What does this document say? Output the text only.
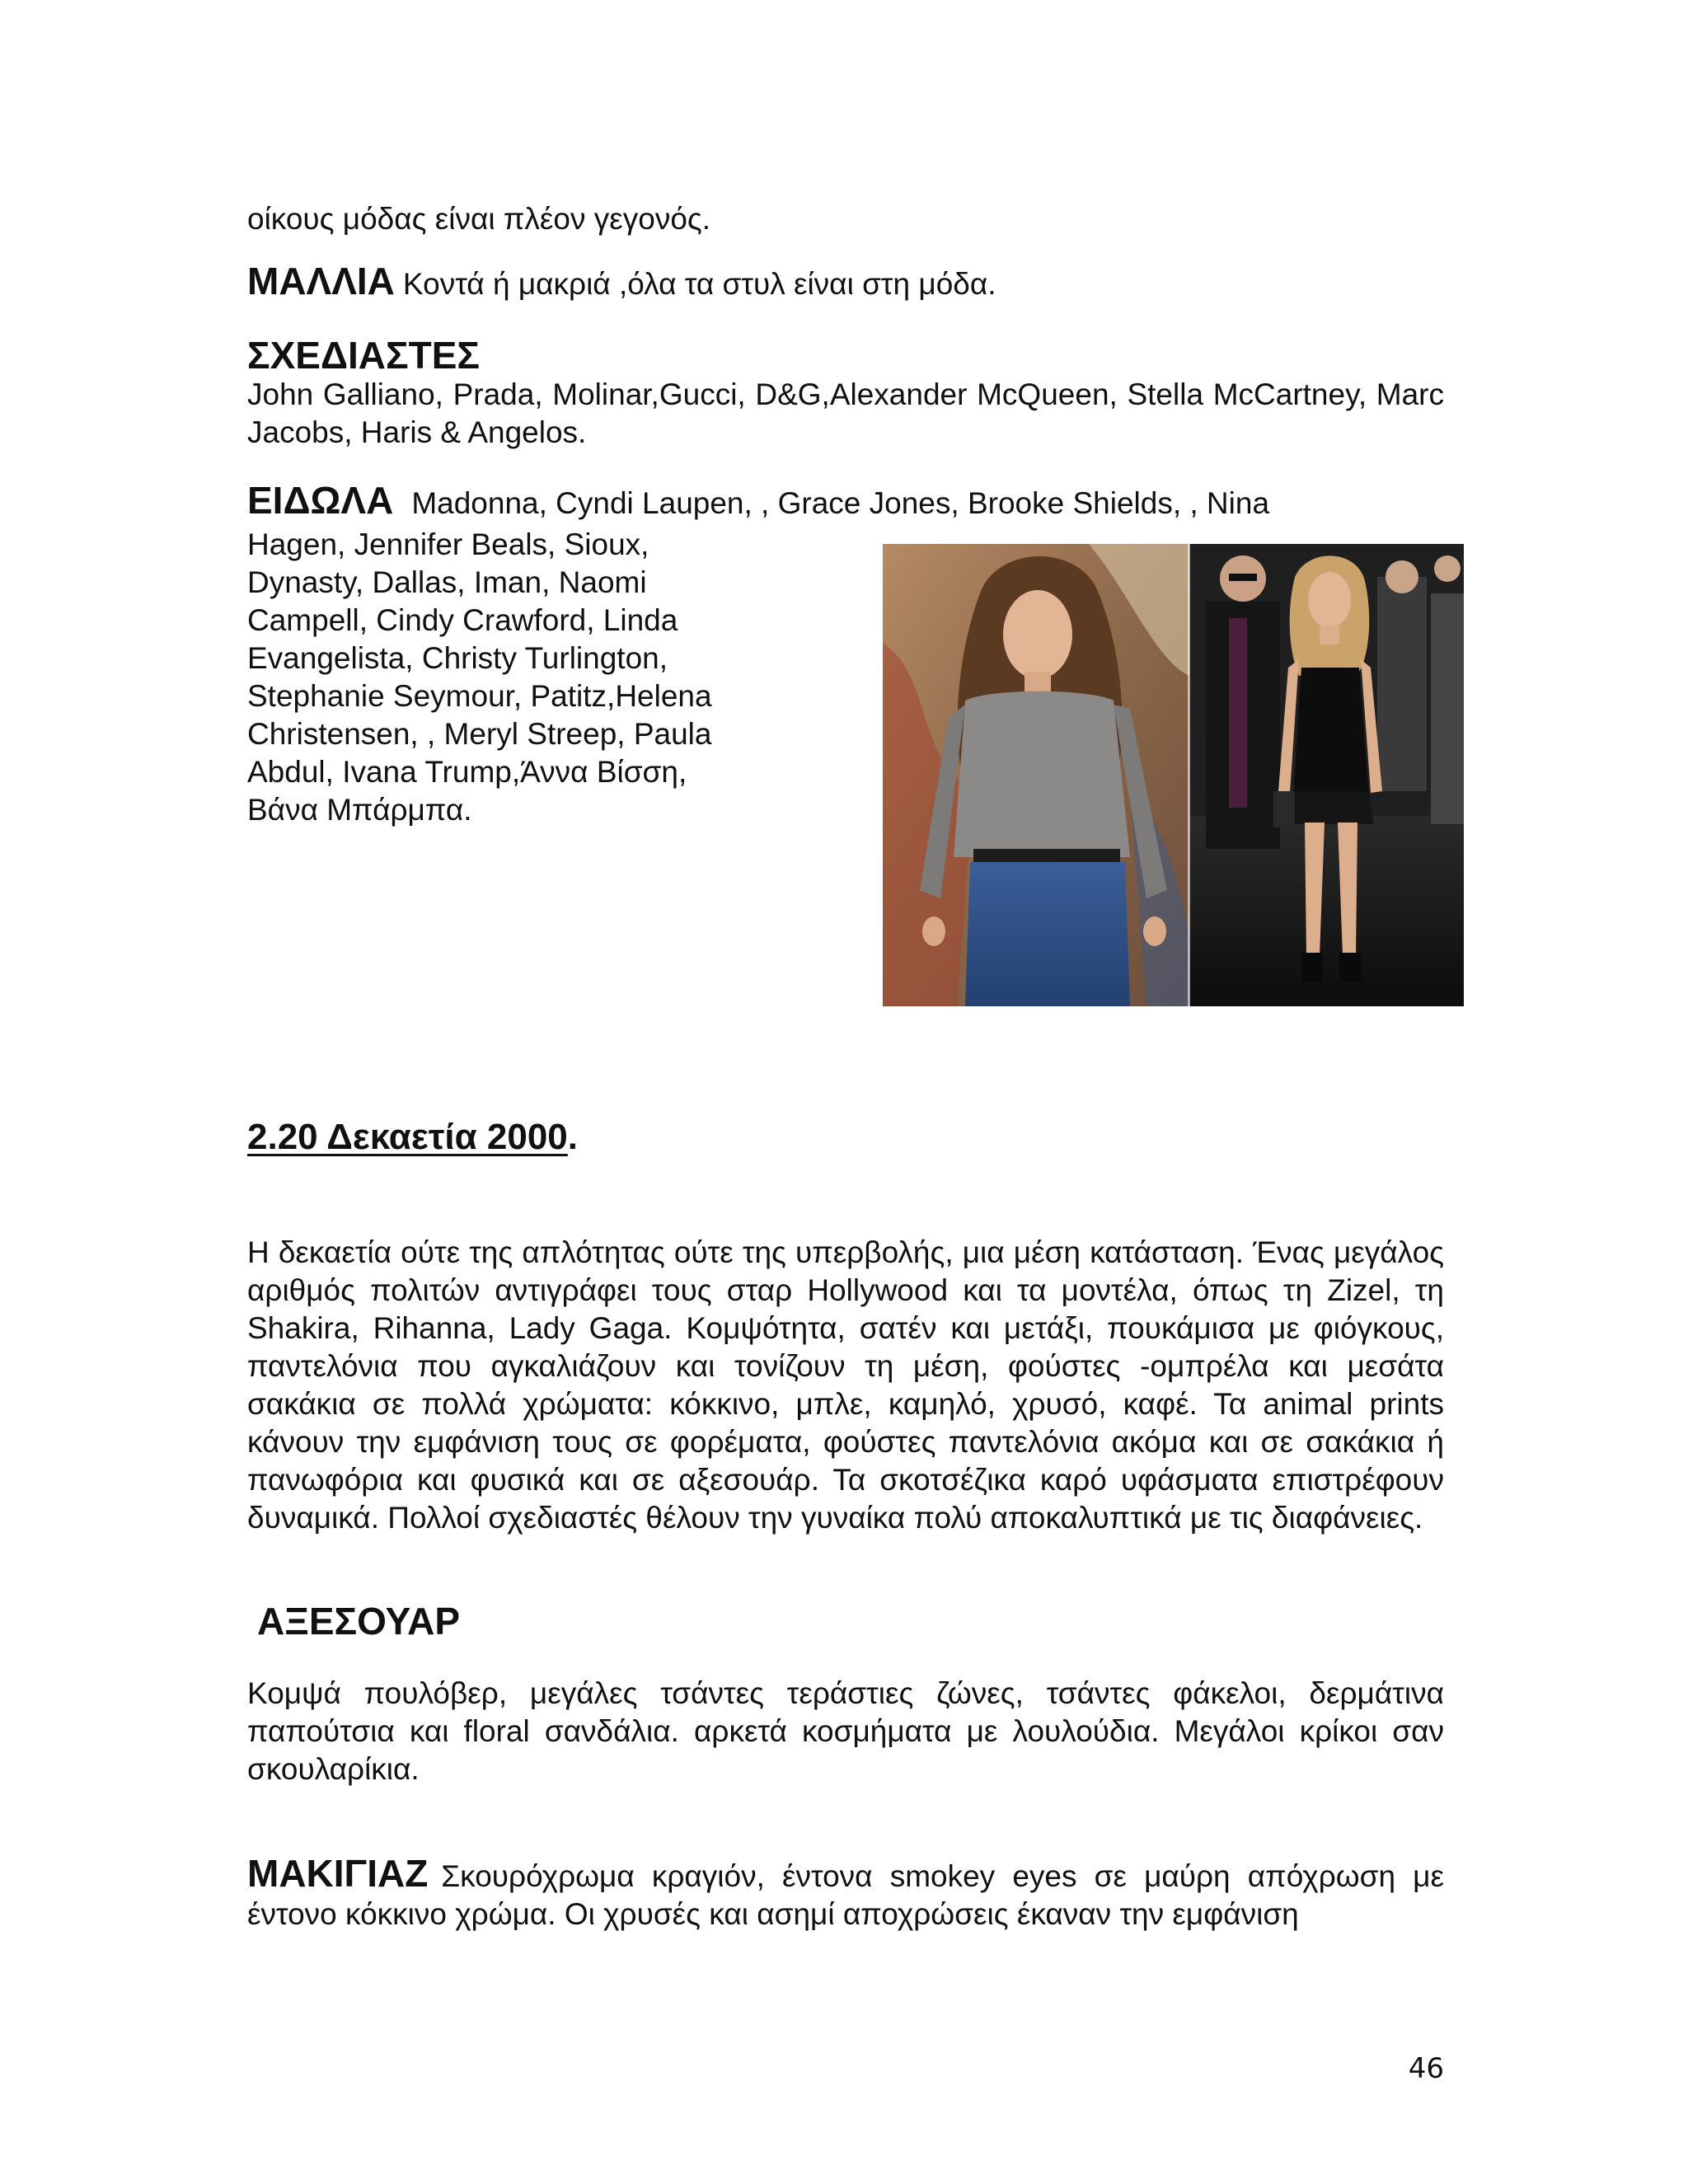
οίκους μόδας είναι πλέον γεγονός.

ΜΑΛΛΙΑ Κοντά ή μακριά ,όλα τα στυλ είναι στη μόδα.

ΣΧΕΔΙΑΣΤΕΣ

John Galliano, Prada, Molinar,Gucci, D&G,Alexander McQueen, Stella McCartney, Marc Jacobs, Haris & Angelos.

ΕΙΔΩΛΑ Madonna, Cyndi Laupen, , Grace Jones, Brooke Shields, , Nina

Hagen, Jennifer Beals, Sioux,
Dynasty, Dallas, Iman, Naomi
Campell, Cindy Crawford, Linda
Evangelista, Christy Turlington,
Stephanie Seymour, Patitz,Helena
Christensen, , Meryl Streep, Paula
Abdul, Ivana Trump,Άννα Βίσση,
Βάνα Μπάρμπα.
2.20 Δεκαετία 2000.

Η δεκαετία ούτε της απλότητας ούτε της υπερβολής, μια μέση κατάσταση. Ένας μεγάλος αριθμός πολιτών αντιγράφει τους σταρ Hollywood και τα μοντέλα, όπως τη Zizel, τη Shakira, Rihanna, Lady Gaga. Κομψότητα, σατέν και μετάξι, πουκάμισα με φιόγκους, παντελόνια που αγκαλιάζουν και τονίζουν τη μέση, φούστες -ομπρέλα και μεσάτα σακάκια σε πολλά χρώματα: κόκκινο, μπλε, καμηλό, χρυσό, καφέ. Τα animal prints κάνουν την εμφάνιση τους σε φορέματα, φούστες παντελόνια ακόμα και σε σακάκια ή πανωφόρια και φυσικά και σε αξεσουάρ. Τα σκοτσέζικα καρό υφάσματα επιστρέφουν δυναμικά. Πολλοί σχεδιαστές θέλουν την γυναίκα πολύ αποκαλυπτικά με τις διαφάνειες.

ΑΞΕΣΟΥΑΡ

Κομψά πουλόβερ, μεγάλες τσάντες τεράστιες ζώνες, τσάντες φάκελοι, δερμάτινα παπούτσια και floral σανδάλια. αρκετά κοσμήματα με λουλούδια. Μεγάλοι κρίκοι σαν σκουλαρίκια.

ΜΑΚΙΓΙΑΖ Σκουρόχρωμα κραγιόν, έντονα smokey eyes σε μαύρη απόχρωση με έντονο κόκκινο χρώμα. Οι χρυσές και ασημί αποχρώσεις έκαναν την εμφάνιση

46
